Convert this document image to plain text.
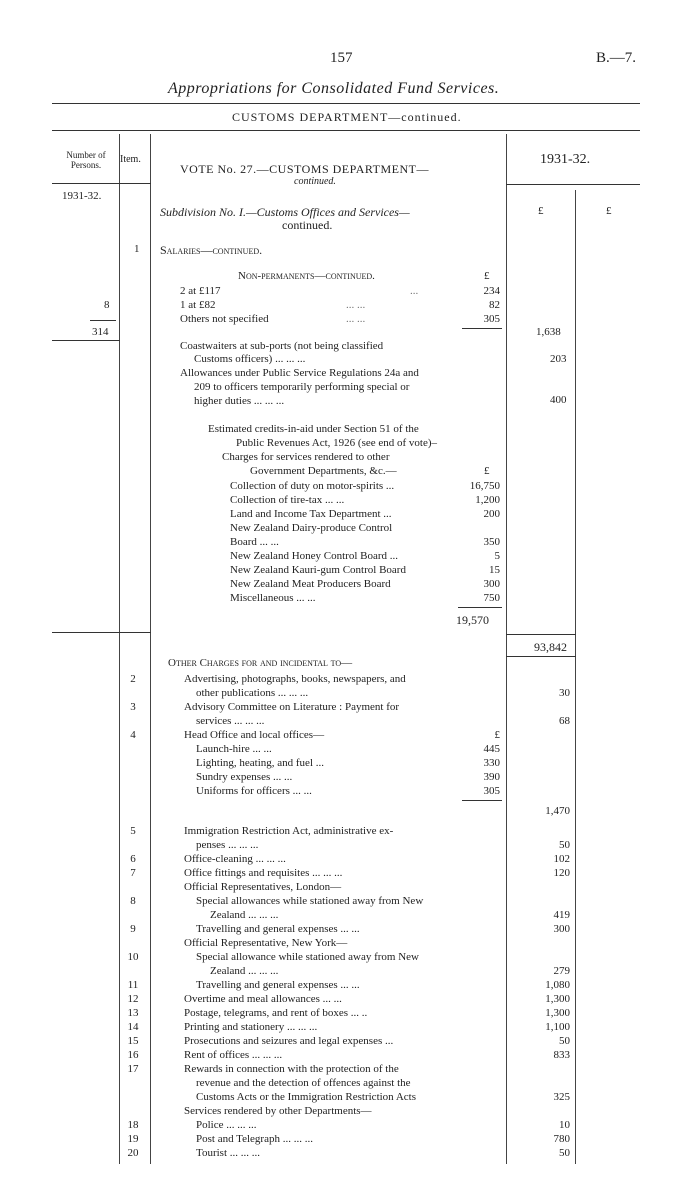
157	B.—7.
Appropriations for Consolidated Fund Services.
CUSTOMS DEPARTMENT—continued.
Number of Persons.	Item.
VOTE No. 27.—CUSTOMS DEPARTMENT—
continued.
1931-32.
1931-32.
£	£
Subdivision No. I.—Customs Offices and Services—
continued.
1 Salaries—continued.
Non-permanents—continued.	£
2 at £117	...	234
8	1 at £82	... ...	82
Others not specified	... ...	305
314	1,638
Coastwaiters at sub-ports (not being classified
Customs officers) ... ... ...	203
Allowances under Public Service Regulations 24a and
209 to officers temporarily performing special or
higher duties ... ... ...	400
Estimated credits-in-aid under Section 51 of the
Public Revenues Act, 1926 (see end of vote)–
Charges for services rendered to other
Government Departments, &c.—	£
Collection of duty on motor-spirits ...	16,750
Collection of tire-tax ... ...	1,200
Land and Income Tax Department ...	200
New Zealand Dairy-produce Control
Board ... ...	350
New Zealand Honey Control Board ...	5
New Zealand Kauri-gum Control Board	15
New Zealand Meat Producers Board	300
Miscellaneous ... ...	750
19,570
93,842
Other Charges for and incidental to—
2	Advertising, photographs, books, newspapers, and
other publications ... ... ...	30
3	Advisory Committee on Literature : Payment for
services ... ... ...	68
4	Head Office and local offices—	£
Launch-hire ... ...	445
Lighting, heating, and fuel ...	330
Sundry expenses ... ...	390
Uniforms for officers ... ...	305
1,470
5	Immigration Restriction Act, administrative ex-
penses ... ... ...	50
6	Office-cleaning ... ... ...	102
7	Office fittings and requisites ... ... ...	120
Official Representatives, London—
8	Special allowances while stationed away from New
Zealand ... ... ...	419
9	Travelling and general expenses ... ...	300
Official Representative, New York—
10	Special allowance while stationed away from New
Zealand ... ... ...	279
11	Travelling and general expenses ... ...	1,080
12	Overtime and meal allowances ... ...	1,300
13	Postage, telegrams, and rent of boxes ... ..	1,300
14	Printing and stationery ... ... ...	1,100
15	Prosecutions and seizures and legal expenses ...	50
16	Rent of offices ... ... ...	833
17	Rewards in connection with the protection of the
revenue and the detection of offences against the
Customs Acts or the Immigration Restriction Acts	325
Services rendered by other Departments—
18	Police ... ... ...	10
19	Post and Telegraph ... ... ...	780
20	Tourist ... ... ...	50
